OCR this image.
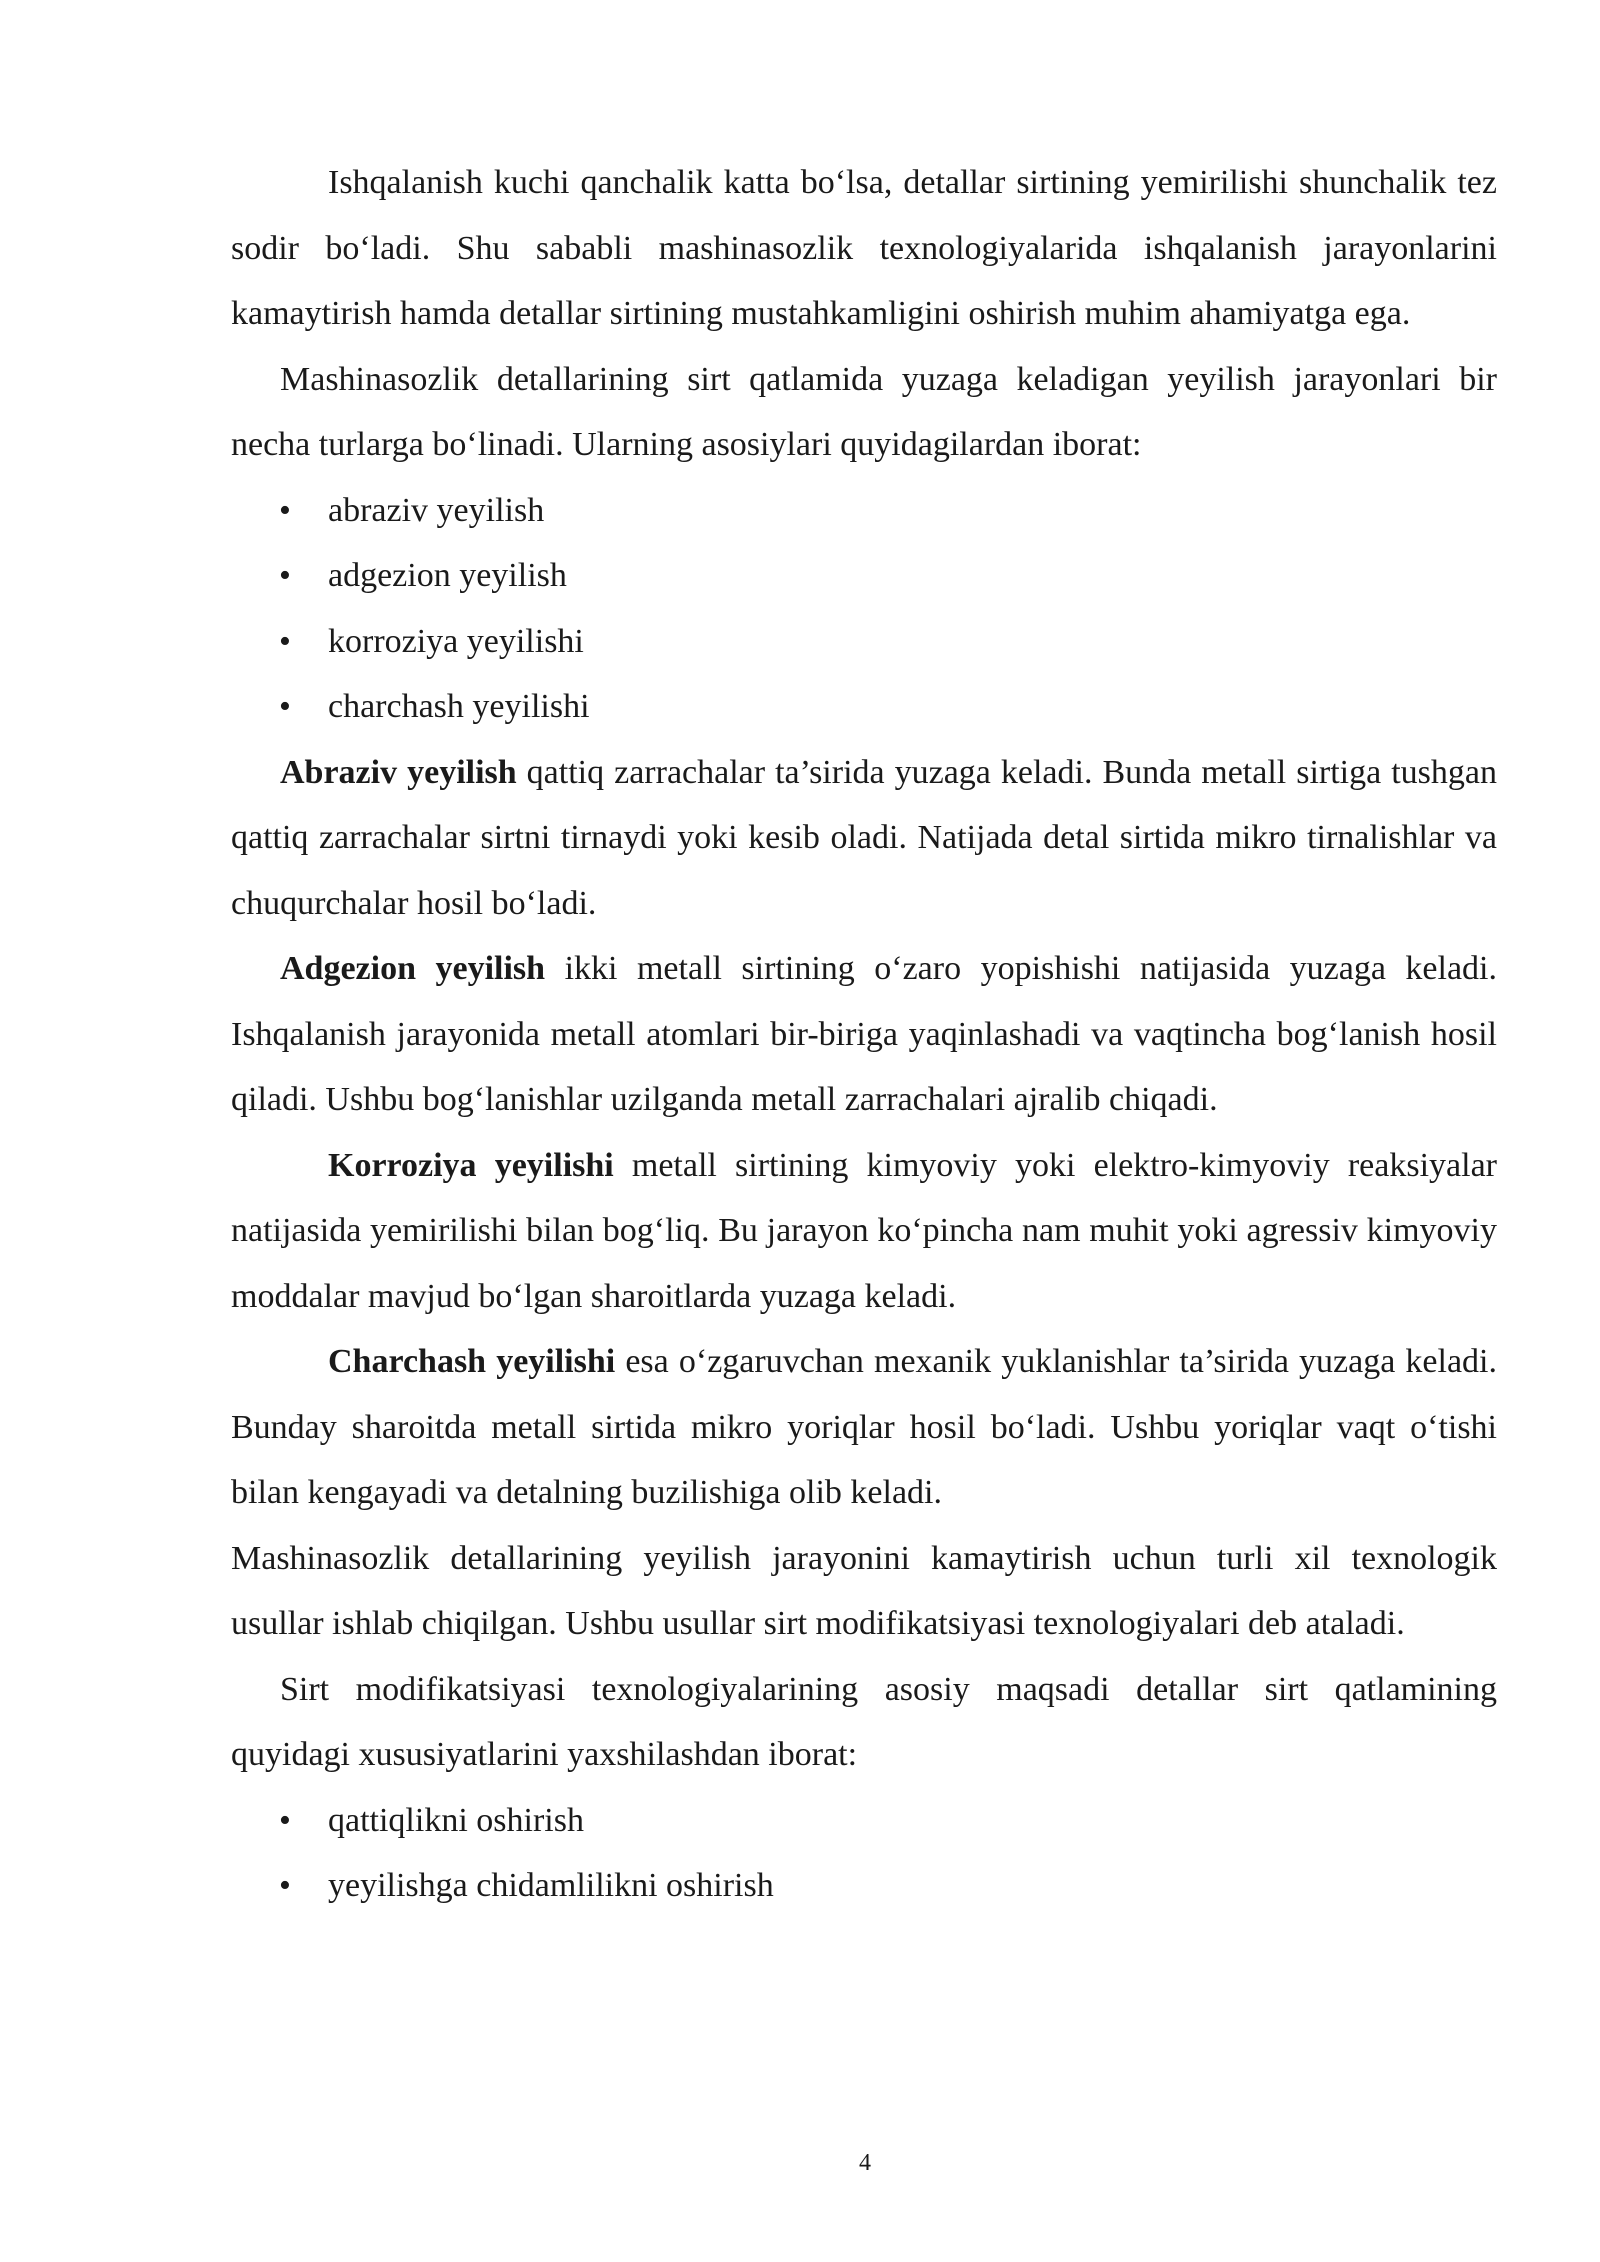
Ishqalanish kuchi qanchalik katta bo‘lsa, detallar sirtining yemirilishi shunchalik tez sodir bo‘ladi. Shu sababli mashinasozlik texnologiyalarida ishqalanish jarayonlarini kamaytirish hamda detallar sirtining mustahkamligini oshirish muhim ahamiyatga ega.

Mashinasozlik detallarining sirt qatlamida yuzaga keladigan yeyilish jarayonlari bir necha turlarga bo‘linadi. Ularning asosiylari quyidagilardan iborat:

• abraziv yeyilish
• adgezion yeyilish
• korroziya yeyilishi
• charchash yeyilishi

Abraziv yeyilish qattiq zarrachalar ta’sirida yuzaga keladi. Bunda metall sirtiga tushgan qattiq zarrachalar sirtni tirnaydi yoki kesib oladi. Natijada detal sirtida mikro tirnalishlar va chuqurchalar hosil bo‘ladi.

Adgezion yeyilish ikki metall sirtining o‘zaro yopishishi natijasida yuzaga keladi. Ishqalanish jarayonida metall atomlari bir-biriga yaqinlashadi va vaqtincha bog‘lanish hosil qiladi. Ushbu bog‘lanishlar uzilganda metall zarrachalari ajralib chiqadi.

Korroziya yeyilishi metall sirtining kimyoviy yoki elektro-kimyoviy reaksiyalar natijasida yemirilishi bilan bog‘liq. Bu jarayon ko‘pincha nam muhit yoki agressiv kimyoviy moddalar mavjud bo‘lgan sharoitlarda yuzaga keladi.

Charchash yeyilishi esa o‘zgaruvchan mexanik yuklanishlar ta’sirida yuzaga keladi. Bunday sharoitda metall sirtida mikro yoriqlar hosil bo‘ladi. Ushbu yoriqlar vaqt o‘tishi bilan kengayadi va detalning buzilishiga olib keladi.

Mashinasozlik detallarining yeyilish jarayonini kamaytirish uchun turli xil texnologik usullar ishlab chiqilgan. Ushbu usullar sirt modifikatsiyasi texnologiyalari deb ataladi.

Sirt modifikatsiyasi texnologiyalarining asosiy maqsadi detallar sirt qatlamining quyidagi xususiyatlarini yaxshilashdan iborat:

• qattiqlikni oshirish
• yeyilishga chidamlilikni oshirish
4
